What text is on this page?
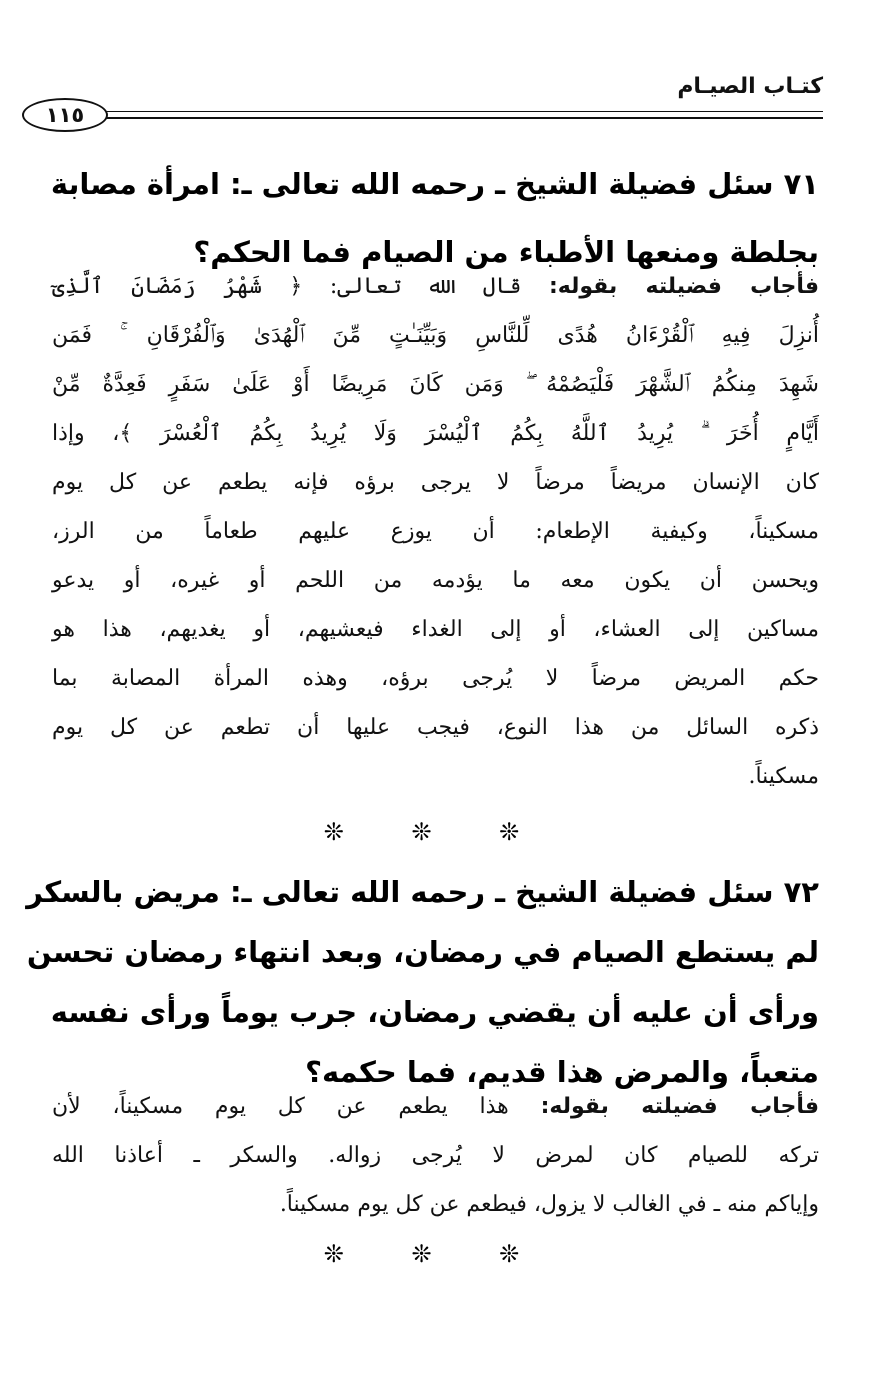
كتـاب الصيـام
١١٥
٧١ سئل فضيلة الشيخ ـ رحمه الله تعالى ـ: امرأة مصابة
بجلطة ومنعها الأطباء من الصيام فما الحكم؟
فأجاب فضيلته بقوله: قال الله تعالى: ﴿ شَهْرُ رَمَضَانَ ٱلَّذِىٓ
أُنزِلَ فِيهِ ٱلْقُرْءَانُ هُدًى لِّلنَّاسِ وَبَيِّنَـٰتٍ مِّنَ ٱلْهُدَىٰ وَٱلْفُرْقَانِ ۚ فَمَن
شَهِدَ مِنكُمُ ٱلشَّهْرَ فَلْيَصُمْهُ ۖ وَمَن كَانَ مَرِيضًا أَوْ عَلَىٰ سَفَرٍ فَعِدَّةٌ مِّنْ
أَيَّامٍ أُخَرَ ۗ يُرِيدُ ٱللَّهُ بِكُمُ ٱلْيُسْرَ وَلَا يُرِيدُ بِكُمُ ٱلْعُسْرَ ﴾، وإذا
كان الإنسان مريضاً مرضاً لا يرجى برؤه فإنه يطعم عن كل يوم
مسكيناً، وكيفية الإطعام: أن يوزع عليهم طعاماً من الرز،
ويحسن أن يكون معه ما يؤدمه من اللحم أو غيره، أو يدعو
مساكين إلى العشاء، أو إلى الغداء فيعشيهم، أو يغديهم، هذا هو
حكم المريض مرضاً لا يُرجى برؤه، وهذه المرأة المصابة بما
ذكره السائل من هذا النوع، فيجب عليها أن تطعم عن كل يوم
مسكيناً.
❊ ❊ ❊
٧٢ سئل فضيلة الشيخ ـ رحمه الله تعالى ـ: مريض بالسكر
لم يستطع الصيام في رمضان، وبعد انتهاء رمضان تحسن
ورأى أن عليه أن يقضي رمضان، جرب يوماً ورأى نفسه
متعباً، والمرض هذا قديم، فما حكمه؟
فأجاب فضيلته بقوله: هذا يطعم عن كل يوم مسكيناً، لأن
تركه للصيام كان لمرض لا يُرجى زواله. والسكر ـ أعاذنا الله
وإياكم منه ـ في الغالب لا يزول، فيطعم عن كل يوم مسكيناً.
❊ ❊ ❊
